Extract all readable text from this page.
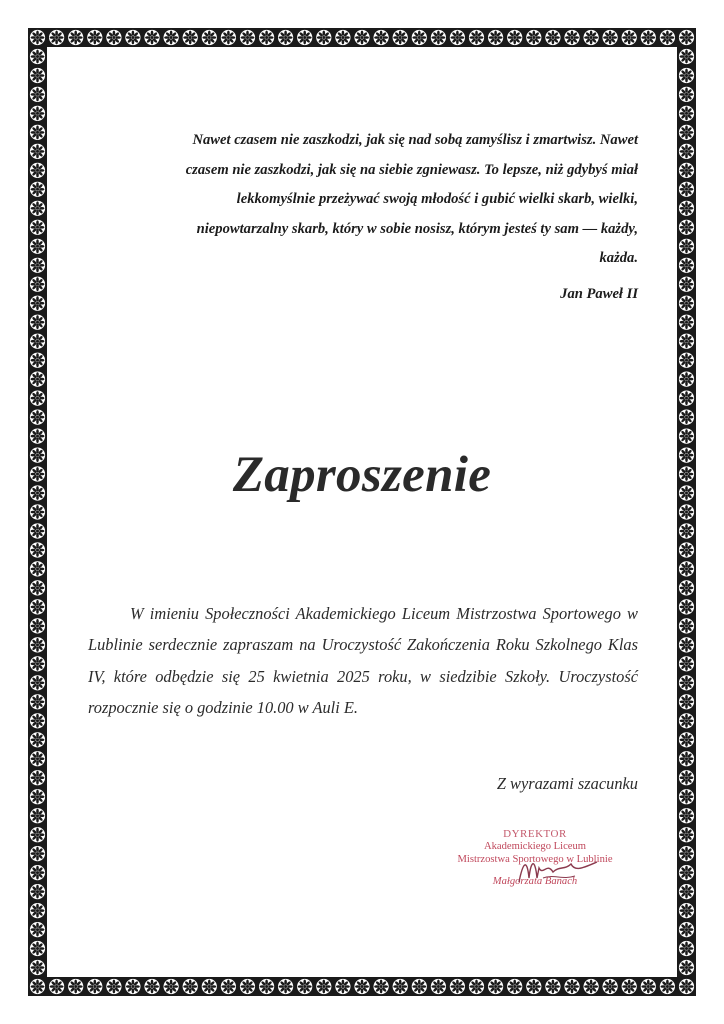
Nawet czasem nie zaszkodzi, jak się nad sobą zamyślisz i zmartwisz. Nawet

czasem nie zaszkodzi, jak się na siebie zgniewasz. To lepsze, niż gdybyś miał

lekkomyślnie przeżywać swoją młodość i gubić wielki skarb, wielki,

niepowtarzalny skarb, który w sobie nosisz, którym jesteś ty sam — każdy,

każda.

Jan Paweł II

Zaproszenie

W imieniu Społeczności Akademickiego Liceum Mistrzostwa Sportowego w Lublinie serdecznie zapraszam na Uroczystość Zakończenia Roku Szkolnego Klas IV, które odbędzie się 25 kwietnia 2025 roku, w siedzibie Szkoły. Uroczystość rozpocznie się o godzinie 10.00 w Auli E.

Z wyrazami szacunku
DYREKTOR
Akademickiego Liceum
Mistrzostwa Sportowego w Lublinie

Małgorzata Banach
